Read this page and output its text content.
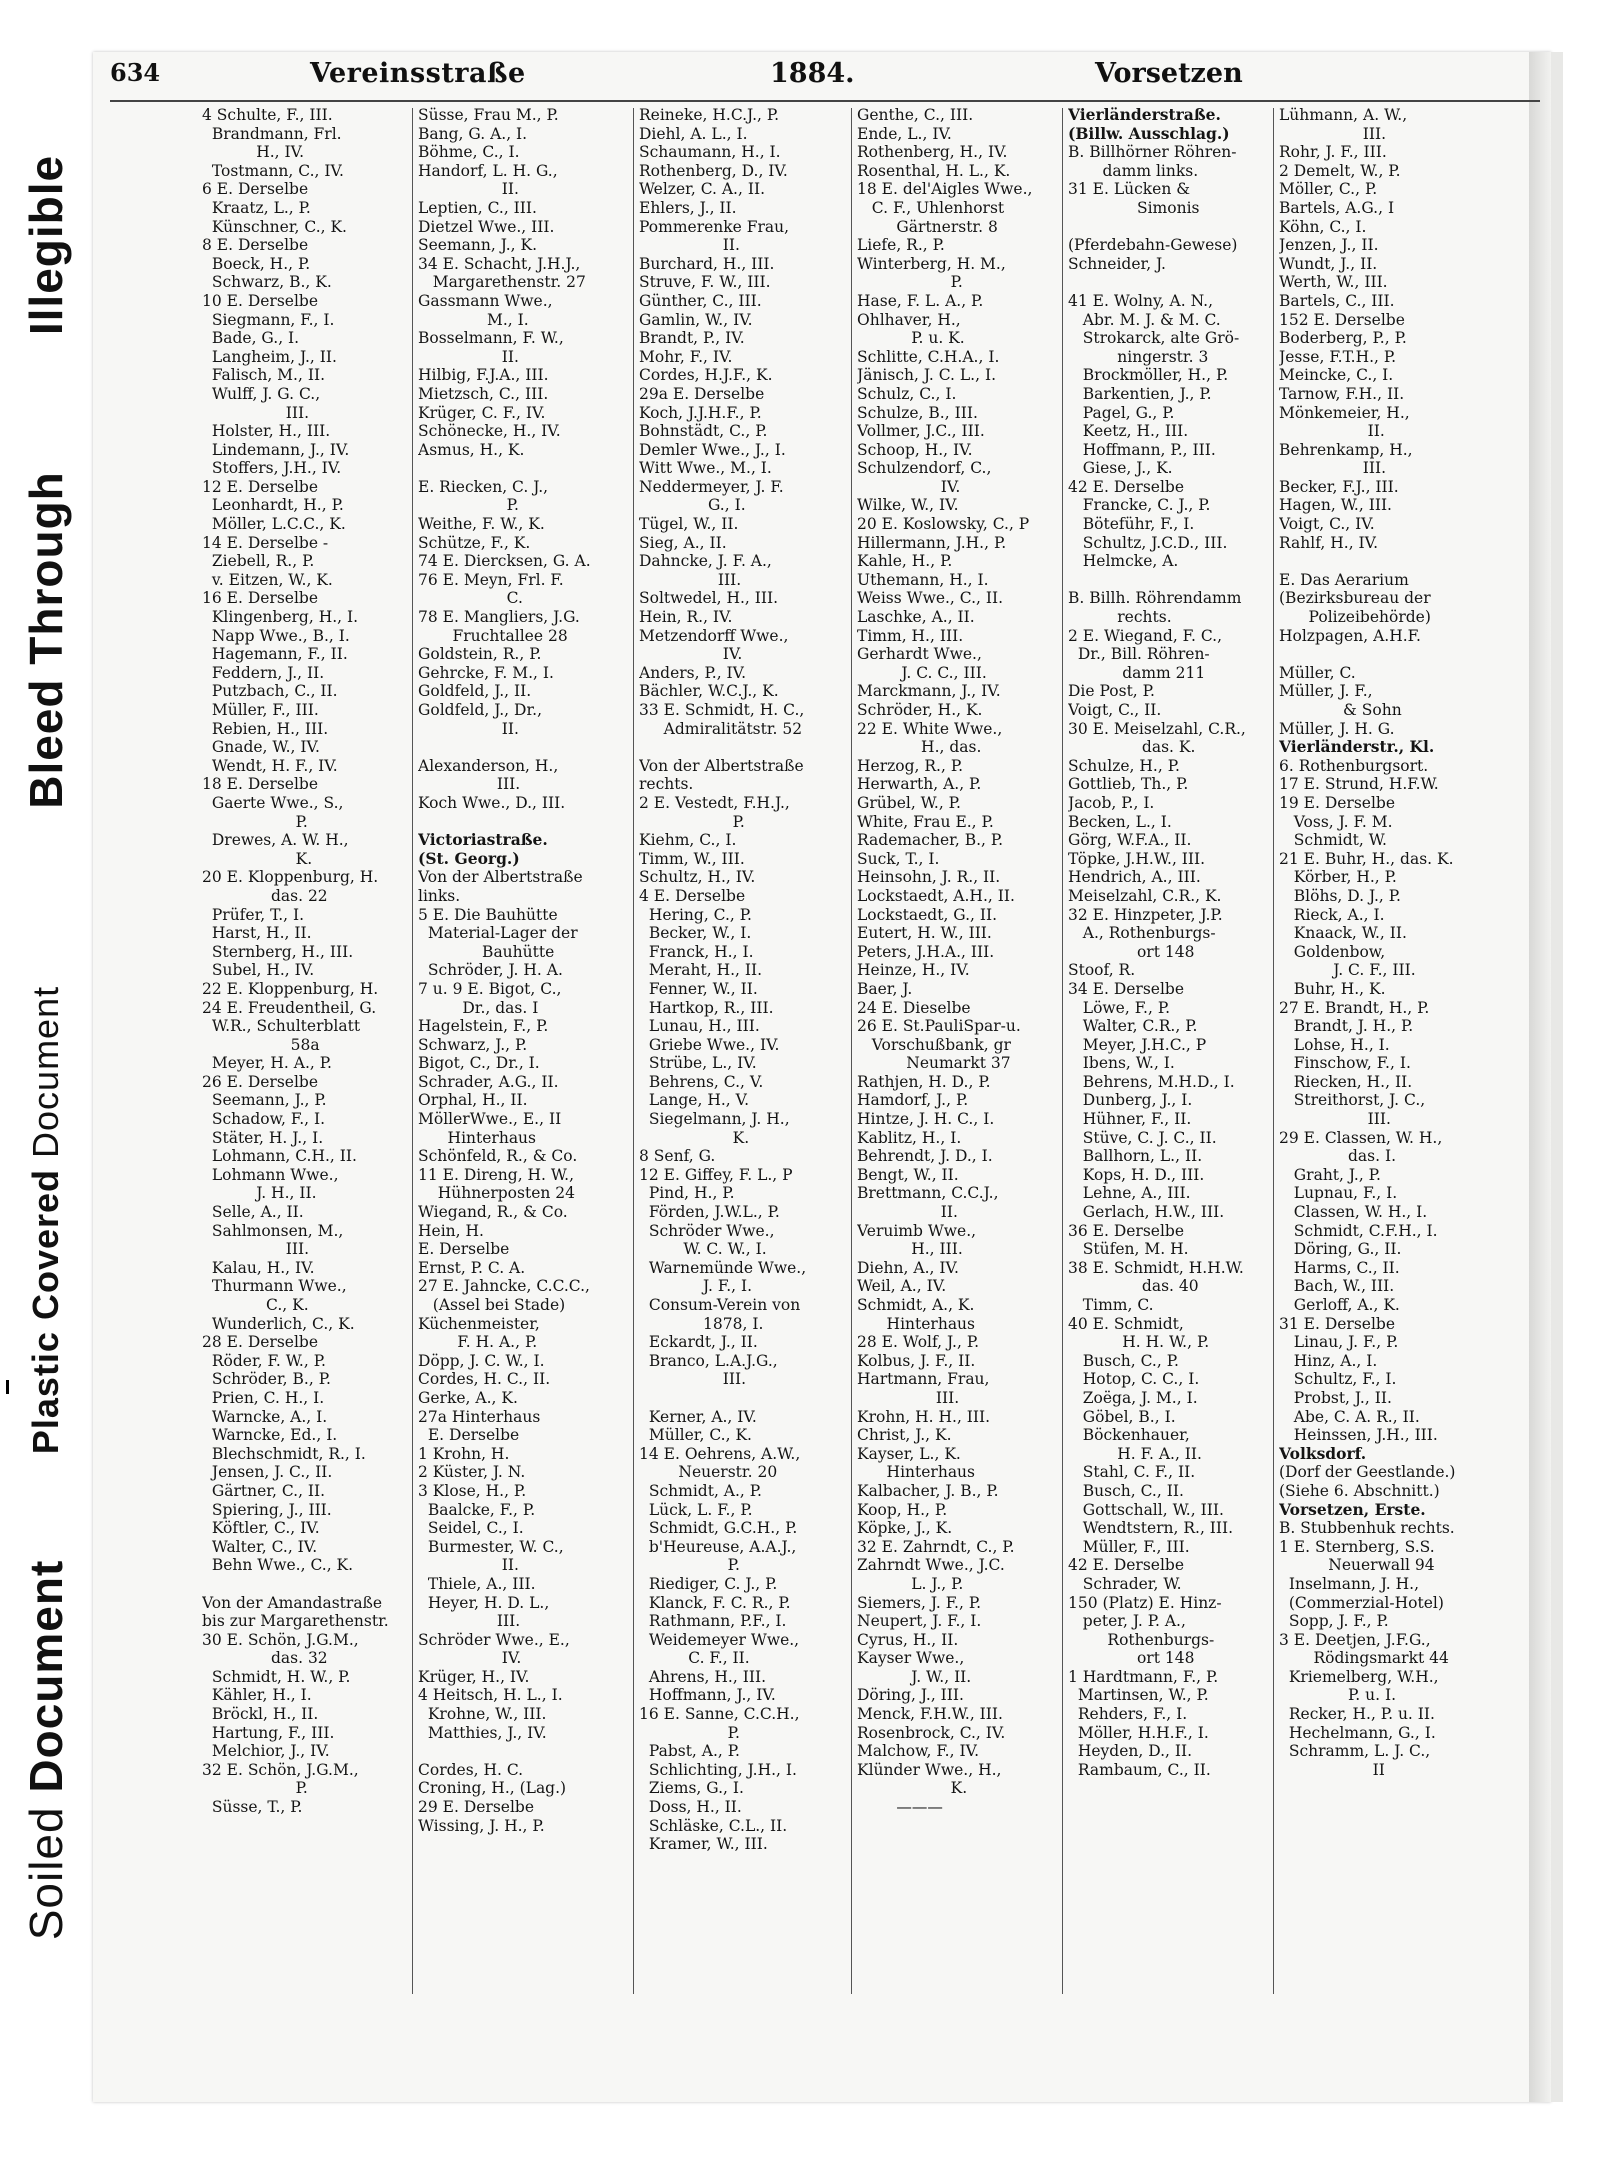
Illegible
Bleed Through
Plastic Covered Document
Soiled Document
634	Vereinsstraße	1884.	Vorsetzen
4 Schulte, F., III.
Brandmann, Frl.
H., IV.
Tostmann, C., IV.
6 E. Derselbe
Kraatz, L., P.
Künschner, C., K.
8 E. Derselbe
Boeck, H., P.
Schwarz, B., K.
10 E. Derselbe
Siegmann, F., I.
Bade, G., I.
Langheim, J., II.
Falisch, M., II.
Wulff, J. G. C.,
III.
Holster, H., III.
Lindemann, J., IV.
Stoffers, J.H., IV.
12 E. Derselbe
Leonhardt, H., P.
Möller, L.C.C., K.
14 E. Derselbe -
Ziebell, R., P.
v. Eitzen, W., K.
16 E. Derselbe
Klingenberg, H., I.
Napp Wwe., B., I.
Hagemann, F., II.
Feddern, J., II.
Putzbach, C., II.
Müller, F., III.
Rebien, H., III.
Gnade, W., IV.
Wendt, H. F., IV.
18 E. Derselbe
Gaerte Wwe., S.,
P.
Drewes, A. W. H.,
K.
20 E. Kloppenburg, H.
das. 22
Prüfer, T., I.
Harst, H., II.
Sternberg, H., III.
Subel, H., IV.
22 E. Kloppenburg, H.
24 E. Freudentheil, G.
W.R., Schulterblatt
58a
Meyer, H. A., P.
26 E. Derselbe
Seemann, J., P.
Schadow, F., I.
Stäter, H. J., I.
Lohmann, C.H., II.
Lohmann Wwe.,
J. H., II.
Selle, A., II.
Sahlmonsen, M.,
III.
Kalau, H., IV.
Thurmann Wwe.,
C., K.
Wunderlich, C., K.
28 E. Derselbe
Röder, F. W., P.
Schröder, B., P.
Prien, C. H., I.
Warncke, A., I.
Warncke, Ed., I.
Blechschmidt, R., I.
Jensen, J. C., II.
Gärtner, C., II.
Spiering, J., III.
Köftler, C., IV.
Walter, C., IV.
Behn Wwe., C., K.

Von der Amandastraße
bis zur Margarethenstr.
30 E. Schön, J.G.M.,
das. 32
Schmidt, H. W., P.
Kähler, H., I.
Bröckl, H., II.
Hartung, F., III.
Melchior, J., IV.
32 E. Schön, J.G.M.,
P.
Süsse, T., P.
Süsse, Frau M., P.
Bang, G. A., I.
Böhme, C., I.
Handorf, L. H. G.,
II.
Leptien, C., III.
Dietzel Wwe., III.
Seemann, J., K.
34 E. Schacht, J.H.J.,
Margarethenstr. 27
Gassmann Wwe.,
M., I.
Bosselmann, F. W.,
II.
Hilbig, F.J.A., III.
Mietzsch, C., III.
Krüger, C. F., IV.
Schönecke, H., IV.
Asmus, H., K.

E. Riecken, C. J.,
P.
Weithe, F. W., K.
Schütze, F., K.
74 E. Diercksen, G. A.
76 E. Meyn, Frl. F.
C.
78 E. Mangliers, J.G.
Fruchtallee 28
Goldstein, R., P.
Gehrcke, F. M., I.
Goldfeld, J., II.
Goldfeld, J., Dr.,
II.

Alexanderson, H.,
III.
Koch Wwe., D., III.

Victoriastraße.
(St. Georg.)
Von der Albertstraße
links.
5 E. Die Bauhütte
Material-Lager der
Bauhütte
Schröder, J. H. A.
7 u. 9 E. Bigot, C.,
Dr., das. I
Hagelstein, F., P.
Schwarz, J., P.
Bigot, C., Dr., I.
Schrader, A.G., II.
Orphal, H., II.
MöllerWwe., E., II
Hinterhaus
Schönfeld, R., & Co.
11 E. Direng, H. W.,
Hühnerposten 24
Wiegand, R., & Co.
Hein, H.
E. Derselbe
Ernst, P. C. A.
27 E. Jahncke, C.C.C.,
(Assel bei Stade)
Küchenmeister,
F. H. A., P.
Döpp, J. C. W., I.
Cordes, H. C., II.
Gerke, A., K.
27a Hinterhaus
E. Derselbe
1 Krohn, H.
2 Küster, J. N.
3 Klose, H., P.
Baalcke, F., P.
Seidel, C., I.
Burmester, W. C.,
II.
Thiele, A., III.
Heyer, H. D. L.,
III.
Schröder Wwe., E.,
IV.
Krüger, H., IV.
4 Heitsch, H. L., I.
Krohne, W., III.
Matthies, J., IV.

Cordes, H. C.
Croning, H., (Lag.)
29 E. Derselbe
Wissing, J. H., P.
Reineke, H.C.J., P.
Diehl, A. L., I.
Schaumann, H., I.
Rothenberg, D., IV.
Welzer, C. A., II.
Ehlers, J., II.
Pommerenke Frau,
II.
Burchard, H., III.
Struve, F. W., III.
Günther, C., III.
Gamlin, W., IV.
Brandt, P., IV.
Mohr, F., IV.
Cordes, H.J.F., K.
29a E. Derselbe
Koch, J.J.H.F., P.
Bohnstädt, C., P.
Demler Wwe., J., I.
Witt Wwe., M., I.
Neddermeyer, J. F.
G., I.
Tügel, W., II.
Sieg, A., II.
Dahncke, J. F. A.,
III.
Soltwedel, H., III.
Hein, R., IV.
Metzendorff Wwe.,
IV.
Anders, P., IV.
Bächler, W.C.J., K.
33 E. Schmidt, H. C.,
Admiralitätstr. 52

Von der Albertstraße
rechts.
2 E. Vestedt, F.H.J.,
P.
Kiehm, C., I.
Timm, W., III.
Schultz, H., IV.
4 E. Derselbe
Hering, C., P.
Becker, W., I.
Franck, H., I.
Meraht, H., II.
Fenner, W., II.
Hartkop, R., III.
Lunau, H., III.
Griebe Wwe., IV.
Strübe, L., IV.
Behrens, C., V.
Lange, H., V.
Siegelmann, J. H.,
K.
8 Senf, G.
12 E. Giffey, F. L., P
Pind, H., P.
Förden, J.W.L., P.
Schröder Wwe.,
W. C. W., I.
Warnemünde Wwe.,
J. F., I.
Consum-Verein von
1878, I.
Eckardt, J., II.
Branco, L.A.J.G.,
III.

Kerner, A., IV.
Müller, C., K.
14 E. Oehrens, A.W.,
Neuerstr. 20
Schmidt, A., P.
Lück, L. F., P.
Schmidt, G.C.H., P.
b'Heureuse, A.A.J.,
P.
Riediger, C. J., P.
Klanck, F. C. R., P.
Rathmann, P.F., I.
Weidemeyer Wwe.,
C. F., II.
Ahrens, H., III.
Hoffmann, J., IV.
16 E. Sanne, C.C.H.,
P.
Pabst, A., P.
Schlichting, J.H., I.
Ziems, G., I.
Doss, H., II.
Schläske, C.L., II.
Kramer, W., III.
Genthe, C., III.
Ende, L., IV.
Rothenberg, H., IV.
Rosenthal, H. L., K.
18 E. del'Aigles Wwe.,
C. F., Uhlenhorst
Gärtnerstr. 8
Liefe, R., P.
Winterberg, H. M.,
P.
Hase, F. L. A., P.
Ohlhaver, H.,
P. u. K.
Schlitte, C.H.A., I.
Jänisch, J. C. L., I.
Schulz, C., I.
Schulze, B., III.
Vollmer, J.C., III.
Schoop, H., IV.
Schulzendorf, C.,
IV.
Wilke, W., IV.
20 E. Koslowsky, C., P
Hillermann, J.H., P.
Kahle, H., P.
Uthemann, H., I.
Weiss Wwe., C., II.
Laschke, A., II.
Timm, H., III.
Gerhardt Wwe.,
J. C. C., III.
Marckmann, J., IV.
Schröder, H., K.
22 E. White Wwe.,
H., das.
Herzog, R., P.
Herwarth, A., P.
Grübel, W., P.
White, Frau E., P.
Rademacher, B., P.
Suck, T., I.
Heinsohn, J. R., II.
Lockstaedt, A.H., II.
Lockstaedt, G., II.
Eutert, H. W., III.
Peters, J.H.A., III.
Heinze, H., IV.
Baer, J.
24 E. Dieselbe
26 E. St.PauliSpar-u.
Vorschußbank, gr
Neumarkt 37
Rathjen, H. D., P.
Hamdorf, J., P.
Hintze, J. H. C., I.
Kablitz, H., I.
Behrendt, J. D., I.
Bengt, W., II.
Brettmann, C.C.J.,
II.
Veruimb Wwe.,
H., III.
Diehn, A., IV.
Weil, A., IV.
Schmidt, A., K.
Hinterhaus
28 E. Wolf, J., P.
Kolbus, J. F., II.
Hartmann, Frau,
III.
Krohn, H. H., III.
Christ, J., K.
Kayser, L., K.
Hinterhaus
Kalbacher, J. B., P.
Koop, H., P.
Köpke, J., K.
32 E. Zahrndt, C., P.
Zahrndt Wwe., J.C.
L. J., P.
Siemers, J. F., P.
Neupert, J. F., I.
Cyrus, H., II.
Kayser Wwe.,
J. W., II.
Döring, J., III.
Menck, F.H.W., III.
Rosenbrock, C., IV.
Malchow, F., IV.
Klünder Wwe., H.,
K.
———
Vierländerstraße.
(Billw. Ausschlag.)
B. Billhörner Röhren-
damm links.
31 E. Lücken &
Simonis

(Pferdebahn-Gewese)
Schneider, J.

41 E. Wolny, A. N.,
Abr. M. J. & M. C.
Strokarck, alte Grö-
ningerstr. 3
Brockmöller, H., P.
Barkentien, J., P.
Pagel, G., P.
Keetz, H., III.
Hoffmann, P., III.
Giese, J., K.
42 E. Derselbe
Francke, C. J., P.
Böteführ, F., I.
Schultz, J.C.D., III.
Helmcke, A.

B. Billh. Röhrendamm
rechts.
2 E. Wiegand, F. C.,
Dr., Bill. Röhren-
damm 211
Die Post, P.
Voigt, C., II.
30 E. Meiselzahl, C.R.,
das. K.
Schulze, H., P.
Gottlieb, Th., P.
Jacob, P., I.
Becken, L., I.
Görg, W.F.A., II.
Töpke, J.H.W., III.
Hendrich, A., III.
Meiselzahl, C.R., K.
32 E. Hinzpeter, J.P.
A., Rothenburgs-
ort 148
Stoof, R.
34 E. Derselbe
Löwe, F., P.
Walter, C.R., P.
Meyer, J.H.C., P
Ibens, W., I.
Behrens, M.H.D., I.
Dunberg, J., I.
Hühner, F., II.
Stüve, C. J. C., II.
Ballhorn, L., II.
Kops, H. D., III.
Lehne, A., III.
Gerlach, H.W., III.
36 E. Derselbe
Stüfen, M. H.
38 E. Schmidt, H.H.W.
das. 40
Timm, C.
40 E. Schmidt,
H. H. W., P.
Busch, C., P.
Hotop, C. C., I.
Zoëga, J. M., I.
Göbel, B., I.
Böckenhauer,
H. F. A., II.
Stahl, C. F., II.
Busch, C., II.
Gottschall, W., III.
Wendtstern, R., III.
Müller, F., III.
42 E. Derselbe
Schrader, W.
150 (Platz) E. Hinz-
peter, J. P. A.,
Rothenburgs-
ort 148
1 Hardtmann, F., P.
Martinsen, W., P.
Rehders, F., I.
Möller, H.H.F., I.
Heyden, D., II.
Rambaum, C., II.
Lühmann, A. W.,
III.
Rohr, J. F., III.
2 Demelt, W., P.
Möller, C., P.
Bartels, A.G., I
Köhn, C., I.
Jenzen, J., II.
Wundt, J., II.
Werth, W., III.
Bartels, C., III.
152 E. Derselbe
Boderberg, P., P.
Jesse, F.T.H., P.
Meincke, C., I.
Tarnow, F.H., II.
Mönkemeier, H.,
II.
Behrenkamp, H.,
III.
Becker, F.J., III.
Hagen, W., III.
Voigt, C., IV.
Rahlf, H., IV.

E. Das Aerarium
(Bezirksbureau der
Polizeibehörde)
Holzpagen, A.H.F.

Müller, C.
Müller, J. F.,
& Sohn
Müller, J. H. G.
Vierländerstr., Kl.
6. Rothenburgsort.
17 E. Strund, H.F.W.
19 E. Derselbe
Voss, J. F. M.
Schmidt, W.
21 E. Buhr, H., das. K.
Körber, H., P.
Blöhs, D. J., P.
Rieck, A., I.
Knaack, W., II.
Goldenbow,
J. C. F., III.
Buhr, H., K.
27 E. Brandt, H., P.
Brandt, J. H., P.
Lohse, H., I.
Finschow, F., I.
Riecken, H., II.
Streithorst, J. C.,
III.
29 E. Classen, W. H.,
das. I.
Graht, J., P.
Lupnau, F., I.
Classen, W. H., I.
Schmidt, C.F.H., I.
Döring, G., II.
Harms, C., II.
Bach, W., III.
Gerloff, A., K.
31 E. Derselbe
Linau, J. F., P.
Hinz, A., I.
Schultz, F., I.
Probst, J., II.
Abe, C. A. R., II.
Heinssen, J.H., III.
Volksdorf.
(Dorf der Geestlande.)
(Siehe 6. Abschnitt.)
Vorsetzen, Erste.
B. Stubbenhuk rechts.
1 E. Sternberg, S.S.
Neuerwall 94
Inselmann, J. H.,
(Commerzial-Hotel)
Sopp, J. F., P.
3 E. Deetjen, J.F.G.,
Rödingsmarkt 44
Kriemelberg, W.H.,
P. u. I.
Recker, H., P. u. II.
Hechelmann, G., I.
Schramm, L. J. C.,
II
